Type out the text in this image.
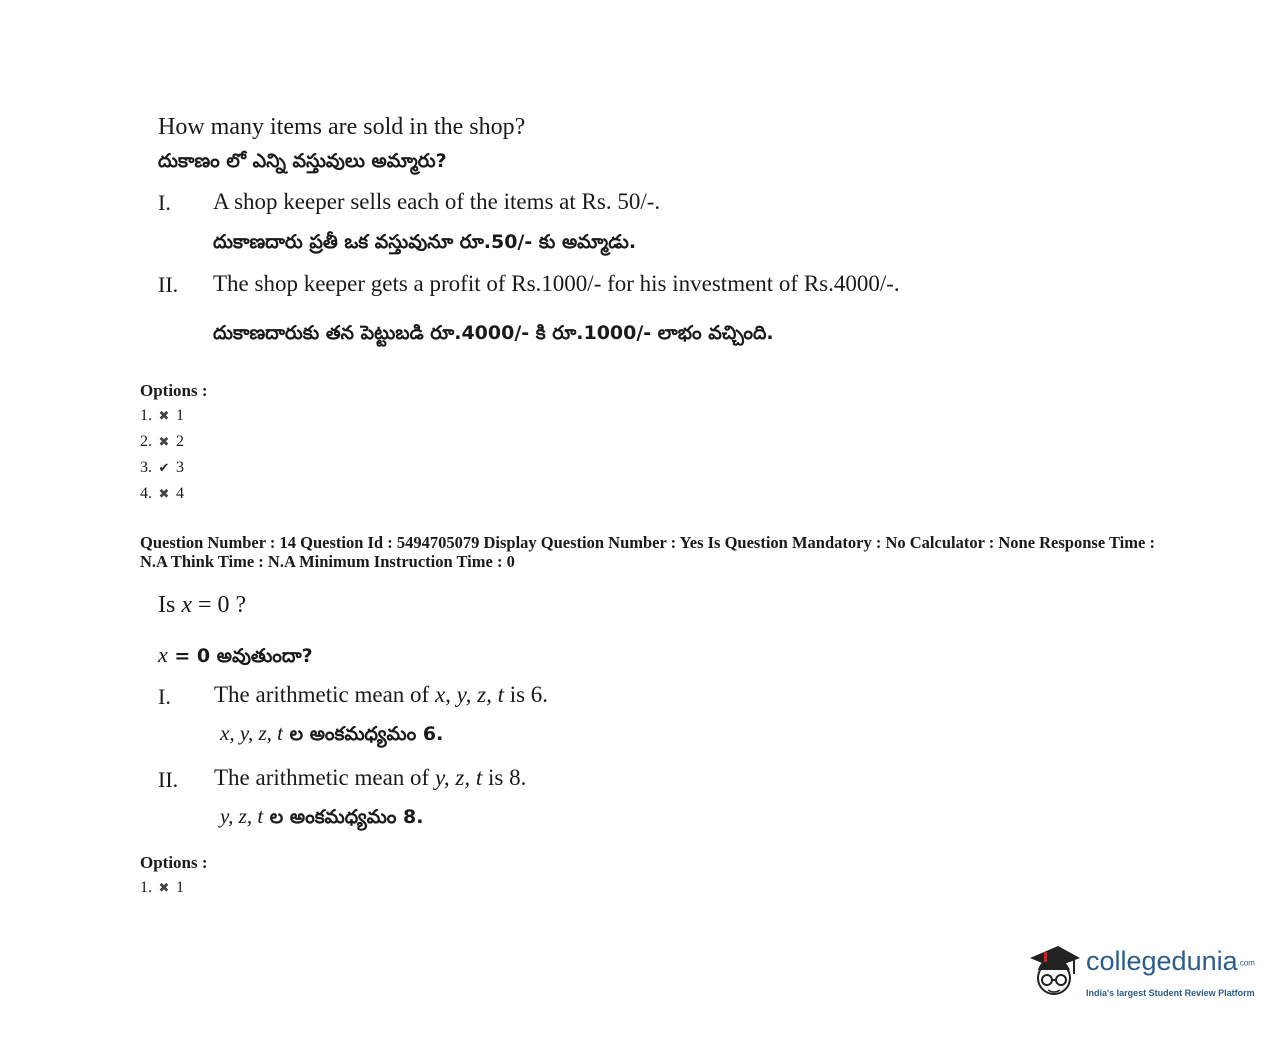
How many items are sold in the shop?
దుకాణం లో ఎన్ని వస్తువులు అమ్మారు?
I. A shop keeper sells each of the items at Rs. 50/-.
దుకాణదారు ప్రతీ ఒక వస్తువునూ రూ.50/- కు అమ్మాడు.
II. The shop keeper gets a profit of Rs.1000/- for his investment of Rs.4000/-.
దుకాణదారుకు తన పెట్టుబడి రూ.4000/- కి రూ.1000/- లాభం వచ్చింది.
Options :
1. ✖ 1
2. ✖ 2
3. ✔ 3
4. ✖ 4
Question Number : 14 Question Id : 5494705079 Display Question Number : Yes Is Question Mandatory : No Calculator : None Response Time : N.A Think Time : N.A Minimum Instruction Time : 0
Is x = 0 ?
x = 0 అవుతుందా?
I. The arithmetic mean of x, y, z, t is 6.
x, y, z, t ల అంకమధ్యమం 6.
II. The arithmetic mean of y, z, t is 8.
y, z, t ల అంకమధ్యమం 8.
Options :
1. ✖ 1
collegedunia.com
India's largest Student Review Platform
